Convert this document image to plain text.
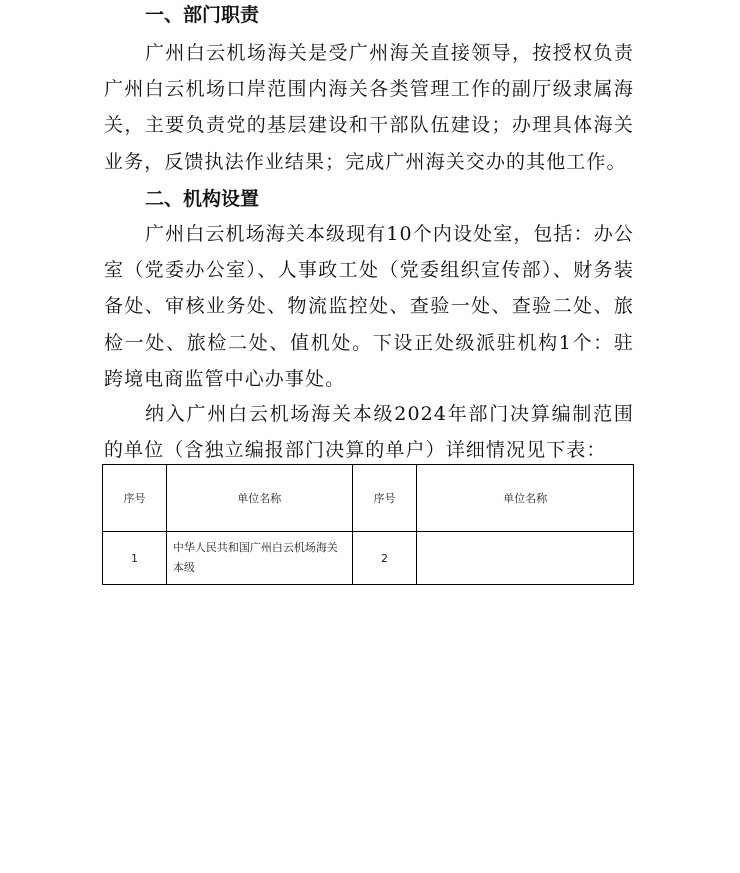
一、部门职责

广州白云机场海关是受广州海关直接领导，按授权负责广州白云机场口岸范围内海关各类管理工作的副厅级隶属海关，主要负责党的基层建设和干部队伍建设；办理具体海关业务，反馈执法作业结果；完成广州海关交办的其他工作。

二、机构设置

广州白云机场海关本级现有10个内设处室，包括：办公室（党委办公室）、人事政工处（党委组织宣传部）、财务装备处、审核业务处、物流监控处、查验一处、查验二处、旅检一处、旅检二处、值机处。下设正处级派驻机构1个：驻跨境电商监管中心办事处。

纳入广州白云机场海关本级2024年部门决算编制范围的单位（含独立编报部门决算的单户）详细情况见下表：

序号	单位名称	序号	单位名称
1	中华人民共和国广州白云机场海关本级	2	
